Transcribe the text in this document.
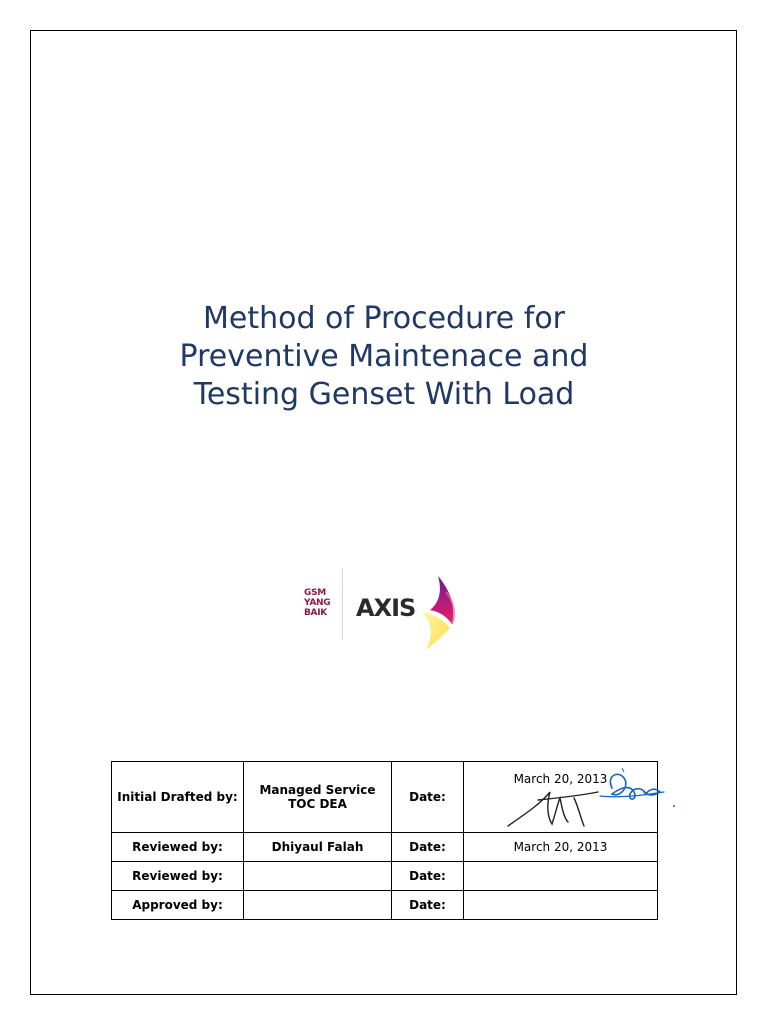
Method of Procedure for
Preventive Maintenace and
Testing Genset With Load
GSM
YANG
BAIK	AXIS
Initial Drafted by:	Managed Service TOC DEA	Date:	March 20, 2013

Reviewed by:	Dhiyaul Falah	Date:	March 20, 2013
Reviewed by:		Date:	
Approved by:		Date:	
